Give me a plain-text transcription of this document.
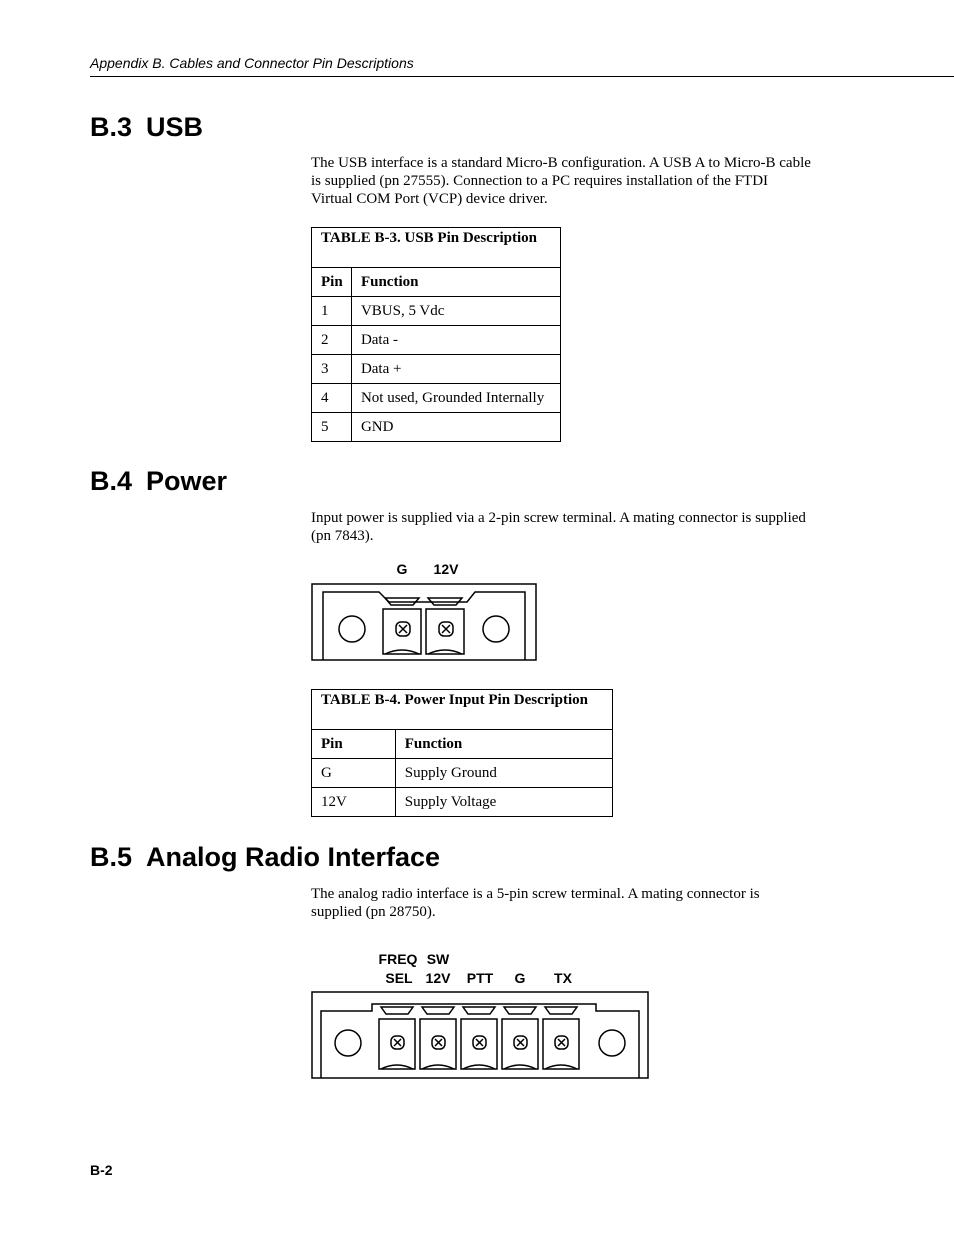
Appendix B. Cables and Connector Pin Descriptions
B.3 USB

The USB interface is a standard Micro-B configuration. A USB A to Micro-B cable is supplied (pn 27555). Connection to a PC requires installation of the FTDI Virtual COM Port (VCP) device driver.

TABLE B-3. USB Pin Description	

Pin	Function
1	VBUS, 5 Vdc
2	Data -
3	Data +
4	Not used, Grounded Internally
5	GND
B.4 Power

Input power is supplied via a 2-pin screw terminal. A mating connector is supplied (pn 7843).

G 12V
TABLE B-4. Power Input Pin Description	

Pin	Function
G	Supply Ground
12V	Supply Voltage
B.5 Analog Radio Interface

The analog radio interface is a 5-pin screw terminal. A mating connector is supplied (pn 28750).

FREQ SW
SEL 12V PTT G TX
B-2
